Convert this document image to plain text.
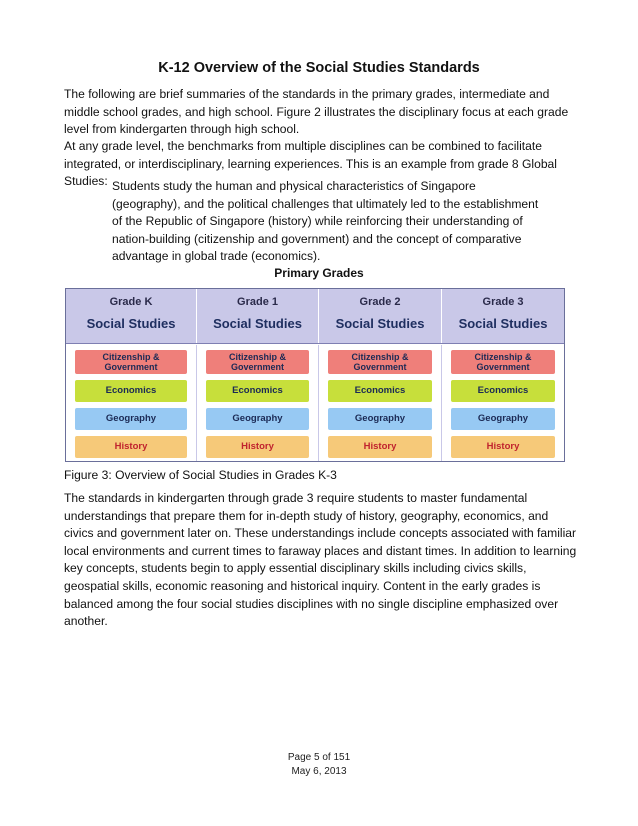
K-12 Overview of the Social Studies Standards
The following are brief summaries of the standards in the primary grades, intermediate and
middle school grades, and high school. Figure 2 illustrates the disciplinary focus at each grade
level from kindergarten through high school.
At any grade level, the benchmarks from multiple disciplines can be combined to facilitate
integrated, or interdisciplinary, learning experiences. This is an example from grade 8 Global
Studies: Students study the human and physical characteristics of Singapore
(geography), and the political challenges that ultimately led to the establishment
of the Republic of Singapore (history) while reinforcing their understanding of
nation-building (citizenship and government) and the concept of comparative
advantage in global trade (economics).
Primary Grades
Grade K
Social Studies
Grade 1
Social Studies
Grade 2
Social Studies
Grade 3
Social Studies
Citizenship & Government
Economics
Geography
History
Citizenship & Government
Economics
Geography
History
Citizenship & Government
Economics
Geography
History
Citizenship & Government
Economics
Geography
History
Figure 3: Overview of Social Studies in Grades K-3
The standards in kindergarten through grade 3 require students to master fundamental
understandings that prepare them for in-depth study of history, geography, economics, and
civics and government later on. These understandings include concepts associated with familiar
local environments and current times to faraway places and distant times. In addition to learning
key concepts, students begin to apply essential disciplinary skills including civics skills,
geospatial skills, economic reasoning and historical inquiry. Content in the early grades is
balanced among the four social studies disciplines with no single discipline emphasized over
another.
Page 5 of 151
May 6, 2013
